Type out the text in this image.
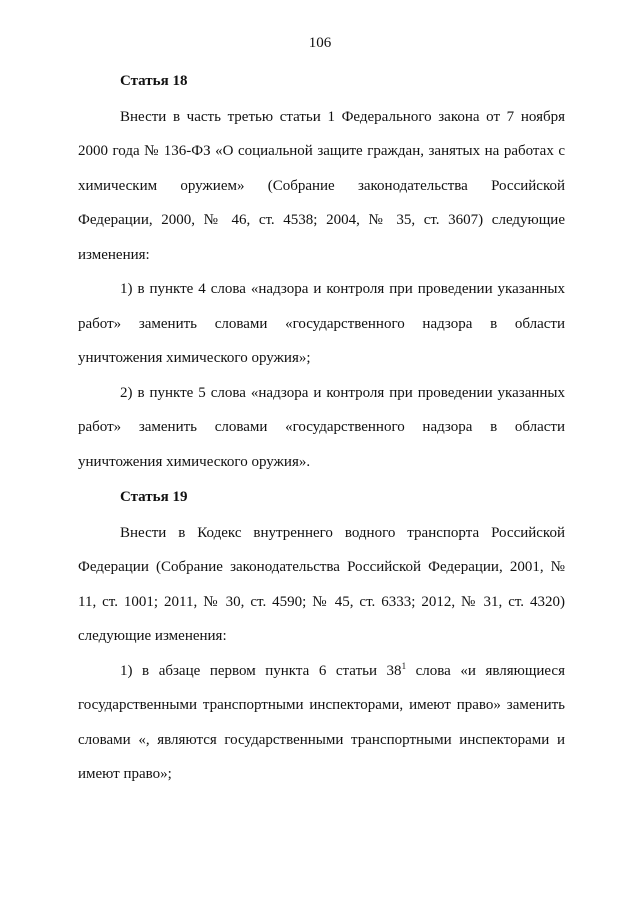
106

Статья 18

Внести в часть третью статьи 1 Федерального закона от 7 ноября 2000 года № 136-ФЗ «О социальной защите граждан, занятых на работах с химическим оружием» (Собрание законодательства Российской Федерации, 2000, № 46, ст. 4538; 2004, № 35, ст. 3607) следующие изменения:

1) в пункте 4 слова «надзора и контроля при проведении указанных работ» заменить словами «государственного надзора в области уничтожения химического оружия»;

2) в пункте 5 слова «надзора и контроля при проведении указанных работ» заменить словами «государственного надзора в области уничтожения химического оружия».

Статья 19

Внести в Кодекс внутреннего водного транспорта Российской Федерации (Собрание законодательства Российской Федерации, 2001, № 11, ст. 1001; 2011, № 30, ст. 4590; № 45, ст. 6333; 2012, № 31, ст. 4320) следующие изменения:

1) в абзаце первом пункта 6 статьи $38^1$ слова «и являющиеся государственными транспортными инспекторами, имеют право» заменить словами «, являются государственными транспортными инспекторами и имеют право»;
